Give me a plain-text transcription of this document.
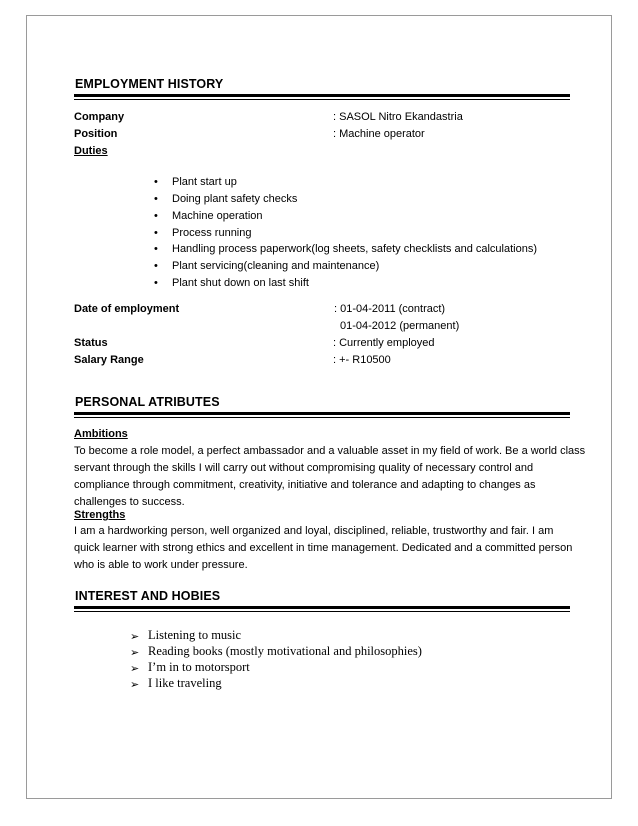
EMPLOYMENT HISTORY
Company	: SASOL Nitro Ekandastria
Position	: Machine operator
Duties
• Plant start up
• Doing plant safety checks
• Machine operation
• Process running
• Handling process paperwork(log sheets, safety checklists and calculations)
• Plant servicing(cleaning and maintenance)
• Plant shut down on last shift
Date of employment	: 01-04-2011 (contract)
01-04-2012 (permanent)
Status	: Currently employed
Salary Range	: +- R10500
PERSONAL ATRIBUTES
Ambitions
To become a role model, a perfect ambassador and a valuable asset in my field of work. Be a world class
servant through the skills I will carry out without compromising quality of necessary control and
compliance through commitment, creativity, initiative and tolerance and adapting to changes as
challenges to success.
Strengths
I am a hardworking person, well organized and loyal, disciplined, reliable, trustworthy and fair. I am
quick learner with strong ethics and excellent in time management. Dedicated and a committed person
who is able to work under pressure.
INTEREST AND HOBIES
➢ Listening to music
➢ Reading books (mostly motivational and philosophies)
➢ I’m in to motorsport
➢ I like traveling
